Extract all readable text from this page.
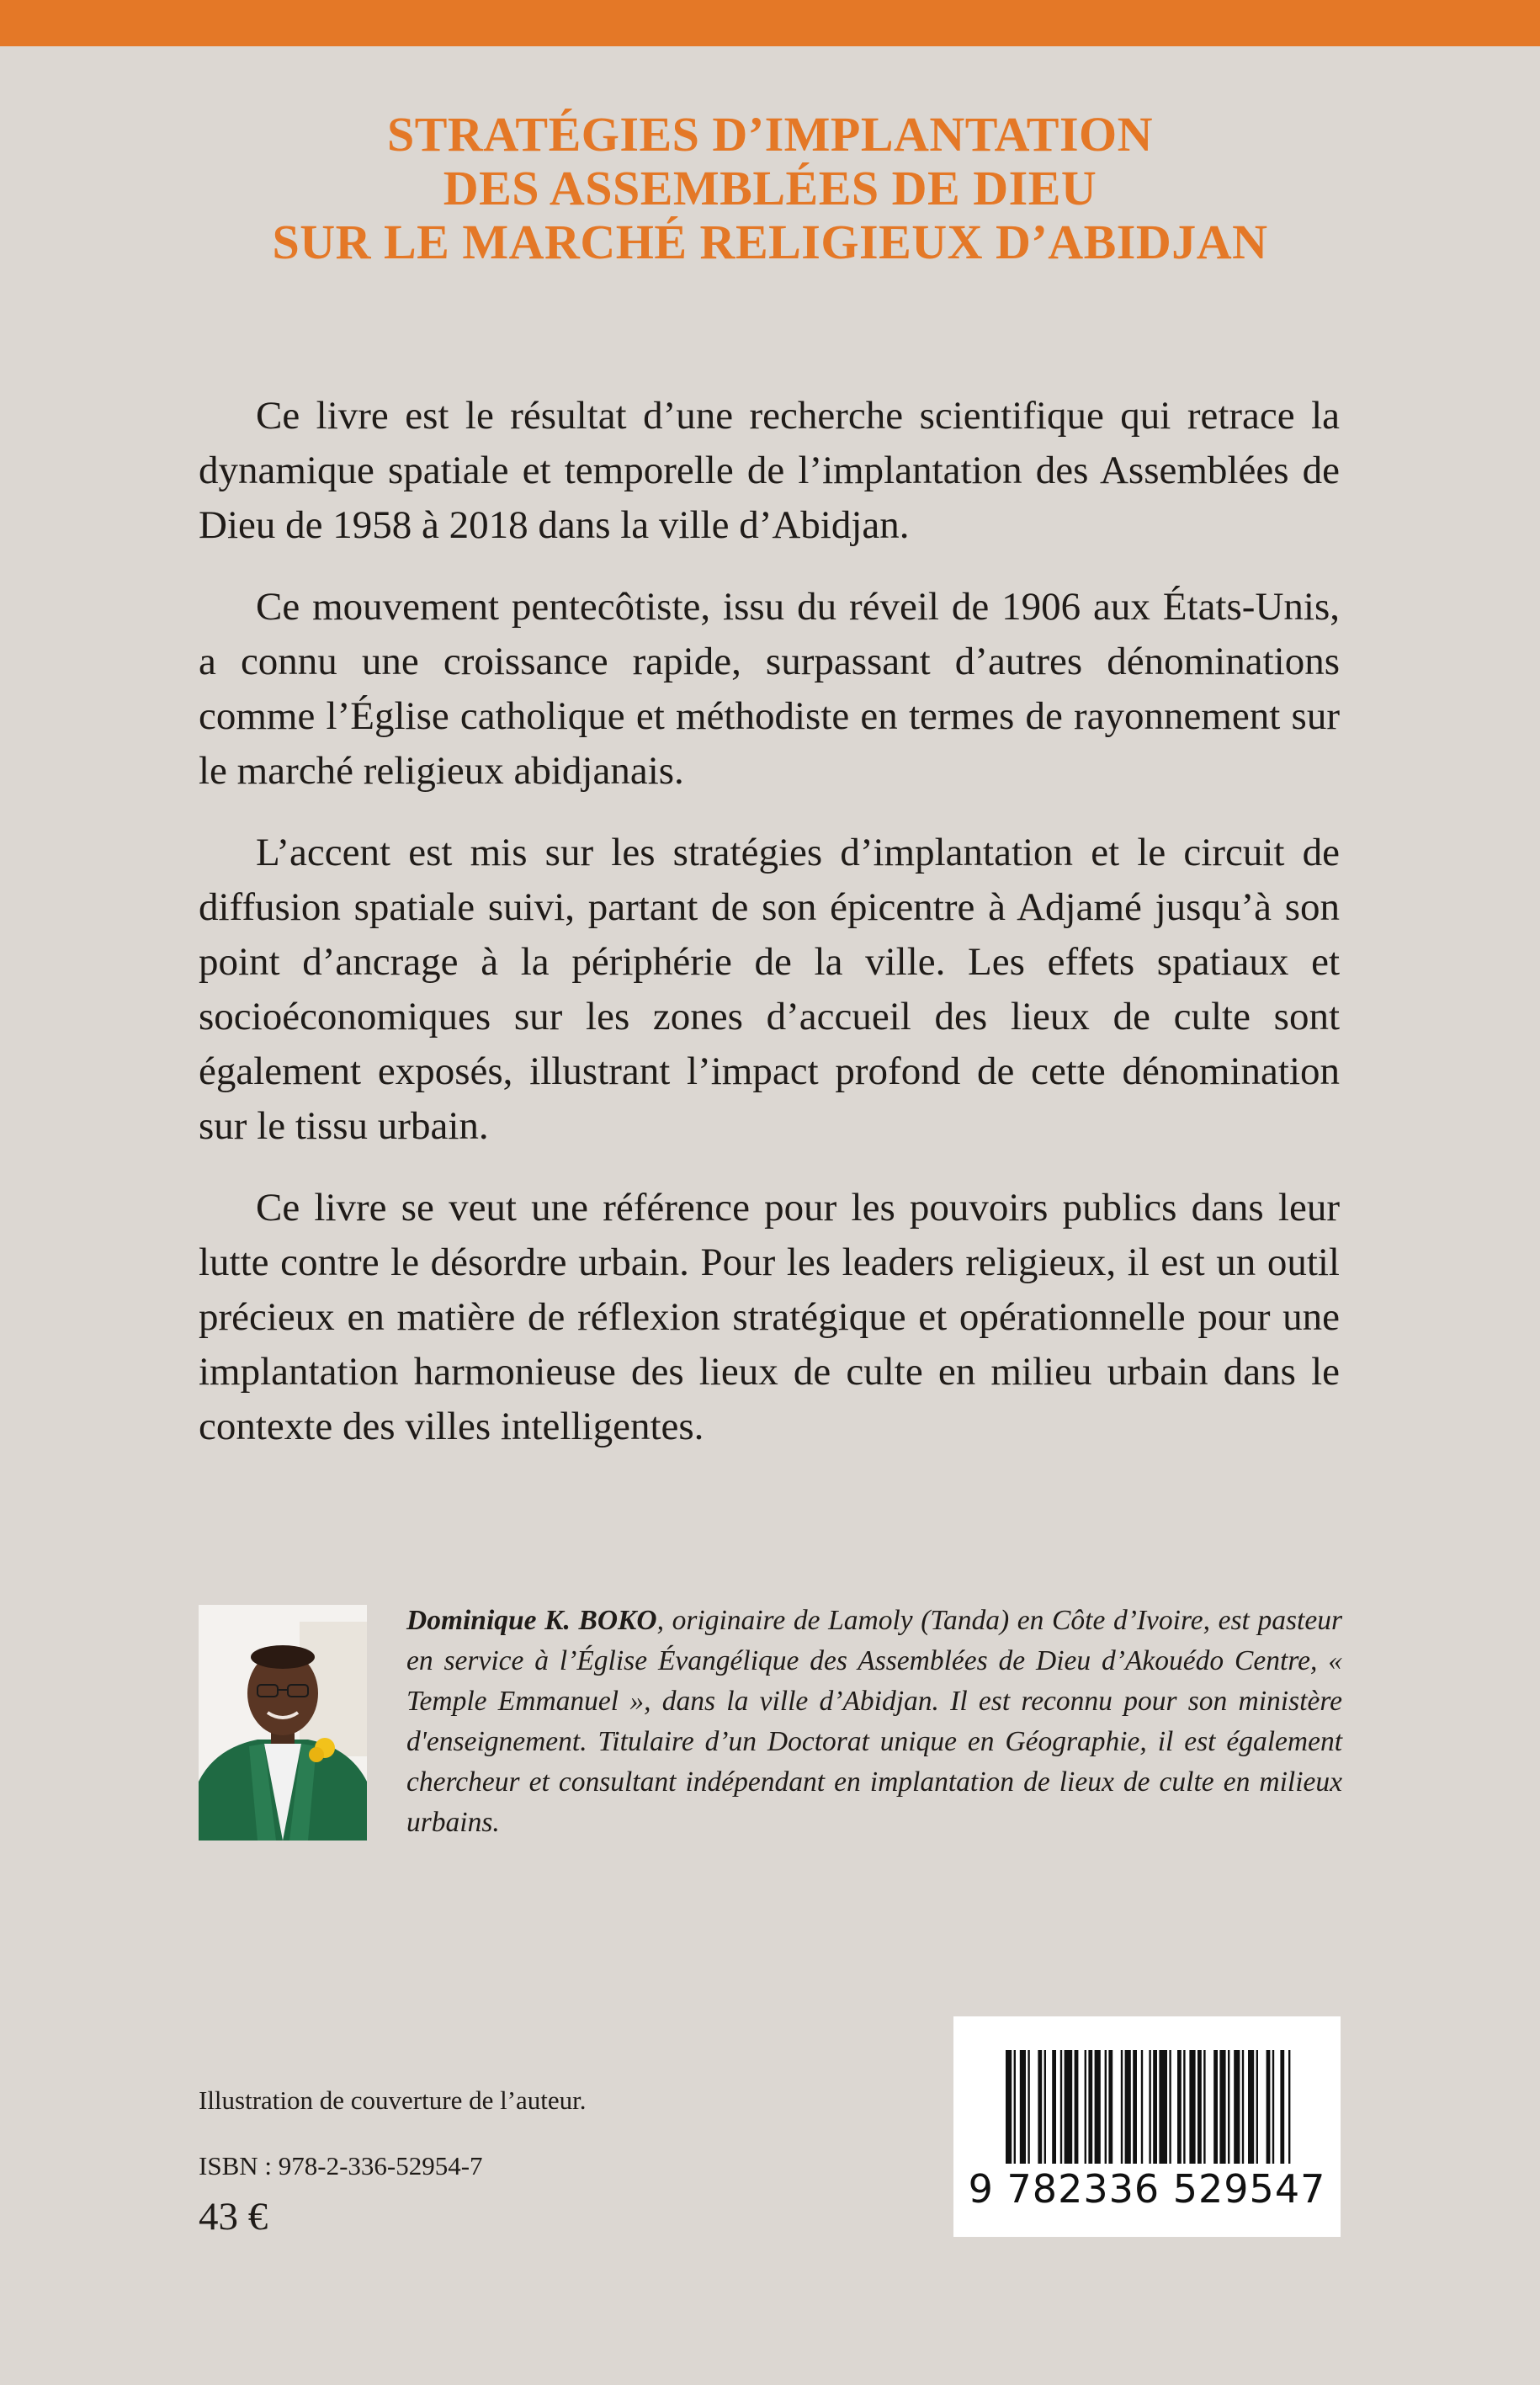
STRATÉGIES D’IMPLANTATION
DES ASSEMBLÉES DE DIEU
SUR LE MARCHÉ RELIGIEUX D’ABIDJAN

Ce livre est le résultat d’une recherche scientifique qui retrace la dynamique spatiale et temporelle de l’implantation des Assemblées de Dieu de 1958 à 2018 dans la ville d’Abidjan.

Ce mouvement pentecôtiste, issu du réveil de 1906 aux États-Unis, a connu une croissance rapide, surpassant d’autres dénominations comme l’Église catholique et méthodiste en termes de rayonnement sur le marché religieux abidjanais.

L’accent est mis sur les stratégies d’implantation et le circuit de diffusion spatiale suivi, partant de son épicentre à Adjamé jusqu’à son point d’ancrage à la périphérie de la ville. Les effets spatiaux et socioéconomiques sur les zones d’accueil des lieux de culte sont également exposés, illustrant l’impact profond de cette dénomination sur le tissu urbain.

Ce livre se veut une référence pour les pouvoirs publics dans leur lutte contre le désordre urbain. Pour les leaders religieux, il est un outil précieux en matière de réflexion stratégique et opérationnelle pour une implantation harmonieuse des lieux de culte en milieu urbain dans le contexte des villes intelligentes.

Dominique K. BOKO, originaire de Lamoly (Tanda) en Côte d’Ivoire, est pasteur en service à l’Église Évangélique des Assemblées de Dieu d’Akouédo Centre, « Temple Emmanuel », dans la ville d’Abidjan. Il est reconnu pour son ministère d'enseignement. Titulaire d’un Doctorat unique en Géographie, il est également chercheur et consultant indépendant en implantation de lieux de culte en milieux urbains.
Illustration de couverture de l’auteur.
ISBN : 978-2-336-52954-7
43 €
9 782336 529547
